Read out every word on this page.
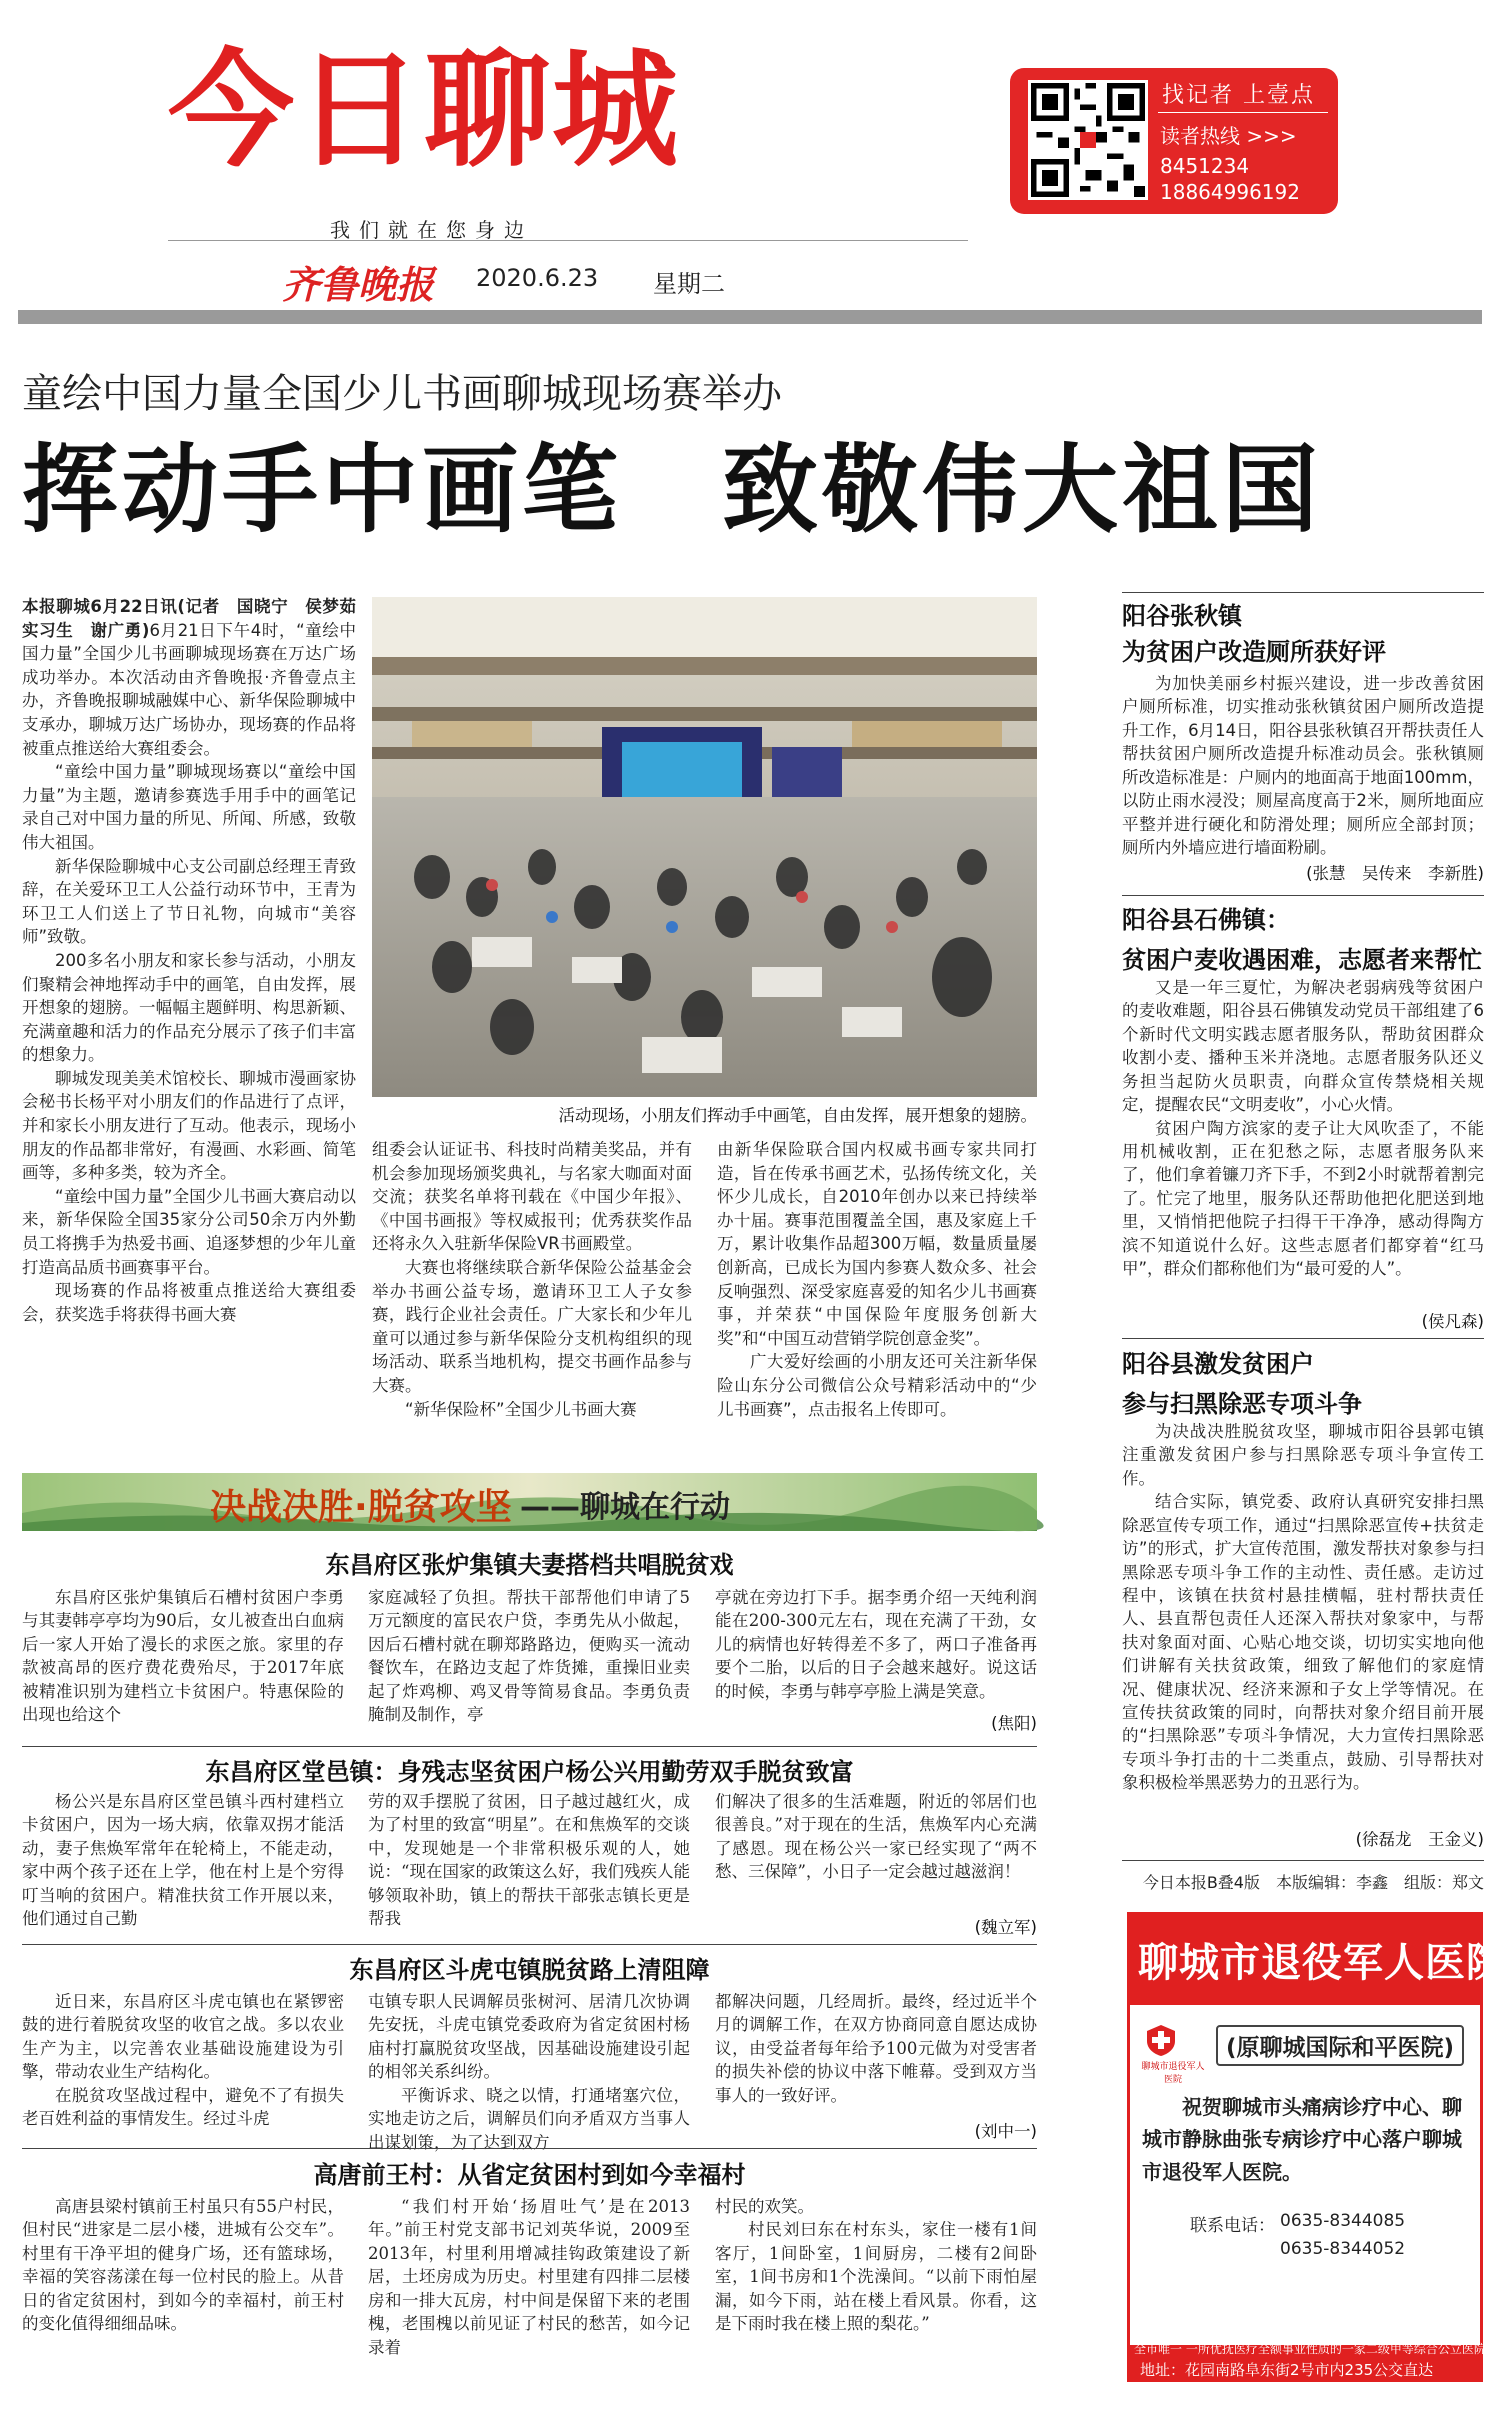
今日聊城
我们就在您身边
齐鲁晚报 2020.6.23 星期二
找记者 上壹点
读者热线 >>>
8451234
18864996192
童绘中国力量全国少儿书画聊城现场赛举办
挥动手中画笔　致敬伟大祖国

本报聊城6月22日讯(记者　国晓宁　侯梦茹　实习生　谢广勇)6月21日下午4时，“童绘中国力量”全国少儿书画聊城现场赛在万达广场成功举办。本次活动由齐鲁晚报·齐鲁壹点主办，齐鲁晚报聊城融媒中心、新华保险聊城中支承办，聊城万达广场协办，现场赛的作品将被重点推送给大赛组委会。

“童绘中国力量”聊城现场赛以“童绘中国力量”为主题，邀请参赛选手用手中的画笔记录自己对中国力量的所见、所闻、所感，致敬伟大祖国。

新华保险聊城中心支公司副总经理王青致辞，在关爱环卫工人公益行动环节中，王青为环卫工人们送上了节日礼物，向城市“美容师”致敬。

200多名小朋友和家长参与活动，小朋友们聚精会神地挥动手中的画笔，自由发挥，展开想象的翅膀。一幅幅主题鲜明、构思新颖、充满童趣和活力的作品充分展示了孩子们丰富的想象力。

聊城发现美美术馆校长、聊城市漫画家协会秘书长杨平对小朋友们的作品进行了点评，并和家长小朋友进行了互动。他表示，现场小朋友的作品都非常好，有漫画、水彩画、简笔画等，多种多类，较为齐全。

“童绘中国力量”全国少儿书画大赛启动以来，新华保险全国35家分公司50余万内外勤员工将携手为热爱书画、追逐梦想的少年儿童打造高品质书画赛事平台。

现场赛的作品将被重点推送给大赛组委会，获奖选手将获得书画大赛

活动现场，小朋友们挥动手中画笔，自由发挥，展开想象的翅膀。

组委会认证证书、科技时尚精美奖品，并有机会参加现场颁奖典礼，与名家大咖面对面交流；获奖名单将刊载在《中国少年报》、《中国书画报》等权威报刊；优秀获奖作品还将永久入驻新华保险VR书画殿堂。

大赛也将继续联合新华保险公益基金会举办书画公益专场，邀请环卫工人子女参赛，践行企业社会责任。广大家长和少年儿童可以通过参与新华保险分支机构组织的现场活动、联系当地机构，提交书画作品参与大赛。

“新华保险杯”全国少儿书画大赛

由新华保险联合国内权威书画专家共同打造，旨在传承书画艺术，弘扬传统文化，关怀少儿成长，自2010年创办以来已持续举办十届。赛事范围覆盖全国，惠及家庭上千万，累计收集作品超300万幅，数量质量屡创新高，已成长为国内参赛人数众多、社会反响强烈、深受家庭喜爱的知名少儿书画赛事，并荣获“中国保险年度服务创新大奖”和“中国互动营销学院创意金奖”。

广大爱好绘画的小朋友还可关注新华保险山东分公司微信公众号精彩活动中的“少儿书画赛”，点击报名上传即可。

阳谷张秋镇
为贫困户改造厕所获好评

为加快美丽乡村振兴建设，进一步改善贫困户厕所标准，切实推动张秋镇贫困户厕所改造提升工作，6月14日，阳谷县张秋镇召开帮扶责任人帮扶贫困户厕所改造提升标准动员会。张秋镇厕所改造标准是：户厕内的地面高于地面100mm，以防止雨水浸没；厕屋高度高于2米，厕所地面应平整并进行硬化和防滑处理；厕所应全部封顶；厕所内外墙应进行墙面粉刷。

(张慧　吴传来　李新胜)
阳谷县石佛镇：
贫困户麦收遇困难，志愿者来帮忙

又是一年三夏忙，为解决老弱病残等贫困户的麦收难题，阳谷县石佛镇发动党员干部组建了6个新时代文明实践志愿者服务队，帮助贫困群众收割小麦、播种玉米并浇地。志愿者服务队还义务担当起防火员职责，向群众宣传禁烧相关规定，提醒农民“文明麦收”，小心火情。

贫困户陶方滨家的麦子让大风吹歪了，不能用机械收割，正在犯愁之际，志愿者服务队来了，他们拿着镰刀齐下手，不到2小时就帮着割完了。忙完了地里，服务队还帮助他把化肥送到地里，又悄悄把他院子扫得干干净净，感动得陶方滨不知道说什么好。这些志愿者们都穿着“红马甲”，群众们都称他们为“最可爱的人”。

(侯凡森)
阳谷县激发贫困户
参与扫黑除恶专项斗争

为决战决胜脱贫攻坚，聊城市阳谷县郭屯镇注重激发贫困户参与扫黑除恶专项斗争宣传工作。

结合实际，镇党委、政府认真研究安排扫黑除恶宣传专项工作，通过“扫黑除恶宣传+扶贫走访”的形式，扩大宣传范围，激发帮扶对象参与扫黑除恶专项斗争工作的主动性、责任感。走访过程中，该镇在扶贫村悬挂横幅，驻村帮扶责任人、县直帮包责任人还深入帮扶对象家中，与帮扶对象面对面、心贴心地交谈，切切实实地向他们讲解有关扶贫政策，细致了解他们的家庭情况、健康状况、经济来源和子女上学等情况。在宣传扶贫政策的同时，向帮扶对象介绍目前开展的“扫黑除恶”专项斗争情况，大力宣传扫黑除恶专项斗争打击的十二类重点，鼓励、引导帮扶对象积极检举黑恶势力的丑恶行为。

(徐磊龙　王金义)
今日本报B叠4版　本版编辑：李鑫　组版：郑文
决战决胜·脱贫攻坚 ——聊城在行动
东昌府区张炉集镇夫妻搭档共唱脱贫戏

东昌府区张炉集镇后石槽村贫困户李勇与其妻韩亭亭均为90后，女儿被查出白血病后一家人开始了漫长的求医之旅。家里的存款被高昂的医疗费花费殆尽，于2017年底被精准识别为建档立卡贫困户。特惠保险的出现也给这个

家庭减轻了负担。帮扶干部帮他们申请了5万元额度的富民农户贷，李勇先从小做起，因后石槽村就在聊郑路路边，便购买一流动餐饮车，在路边支起了炸货摊，重操旧业卖起了炸鸡柳、鸡叉骨等简易食品。李勇负责腌制及制作，亭

亭就在旁边打下手。据李勇介绍一天纯利润能在200-300元左右，现在充满了干劲，女儿的病情也好转得差不多了，两口子准备再要个二胎，以后的日子会越来越好。说这话的时候，李勇与韩亭亭脸上满是笑意。

(焦阳)
东昌府区堂邑镇：身残志坚贫困户杨公兴用勤劳双手脱贫致富

杨公兴是东昌府区堂邑镇斗西村建档立卡贫困户，因为一场大病，依靠双拐才能活动，妻子焦焕军常年在轮椅上，不能走动，家中两个孩子还在上学，他在村上是个穷得叮当响的贫困户。精准扶贫工作开展以来，他们通过自己勤

劳的双手摆脱了贫困，日子越过越红火，成为了村里的致富“明星”。在和焦焕军的交谈中，发现她是一个非常积极乐观的人，她说：“现在国家的政策这么好，我们残疾人能够领取补助，镇上的帮扶干部张志镇长更是帮我

们解决了很多的生活难题，附近的邻居们也很善良。”对于现在的生活，焦焕军内心充满了感恩。现在杨公兴一家已经实现了“两不愁、三保障”，小日子一定会越过越滋润！

(魏立军)
东昌府区斗虎屯镇脱贫路上清阻障

近日来，东昌府区斗虎屯镇也在紧锣密鼓的进行着脱贫攻坚的收官之战。多以农业生产为主，以完善农业基础设施建设为引擎，带动农业生产结构化。

在脱贫攻坚战过程中，避免不了有损失老百姓利益的事情发生。经过斗虎

屯镇专职人民调解员张树河、居清几次协调先安抚，斗虎屯镇党委政府为省定贫困村杨庙村打赢脱贫攻坚战，因基础设施建设引起的相邻关系纠纷。

平衡诉求、晓之以情，打通堵塞穴位，实地走访之后，调解员们向矛盾双方当事人出谋划策，为了达到双方

都解决问题，几经周折。最终，经过近半个月的调解工作，在双方协商同意自愿达成协议，由受益者每年给予100元做为对受害者的损失补偿的协议中落下帷幕。受到双方当事人的一致好评。

(刘中一)
高唐前王村：从省定贫困村到如今幸福村

高唐县梁村镇前王村虽只有55户村民，但村民“进家是二层小楼，进城有公交车”。村里有干净平坦的健身广场，还有篮球场，幸福的笑容荡漾在每一位村民的脸上。从昔日的省定贫困村，到如今的幸福村，前王村的变化值得细细品味。

“我们村开始‘扬眉吐气’是在2013年。”前王村党支部书记刘英华说，2009至2013年，村里利用增减挂钩政策建设了新居，土坯房成为历史。村里建有四排二层楼房和一排大瓦房，村中间是保留下来的老围槐，老围槐以前见证了村民的愁苦，如今记录着

村民的欢笑。

村民刘曰东在村东头，家住一楼有1间客厅，1间卧室，1间厨房，二楼有2间卧室，1间书房和1个洗澡间。“以前下雨怕屋漏，如今下雨，站在楼上看风景。你看，这是下雨时我在楼上照的梨花。”

聊城市退役军人医院
聊城市退役军人医院
(原聊城国际和平医院)
祝贺聊城市头痛病诊疗中心、聊城市静脉曲张专病诊疗中心落户聊城市退役军人医院。
联系电话： 0635-8344085
0635-8344052
全市唯一 一所优抚医疗全额事业性质的一家二级甲等综合公立医院
地址：花园南路阜东街2号市内235公交直达
